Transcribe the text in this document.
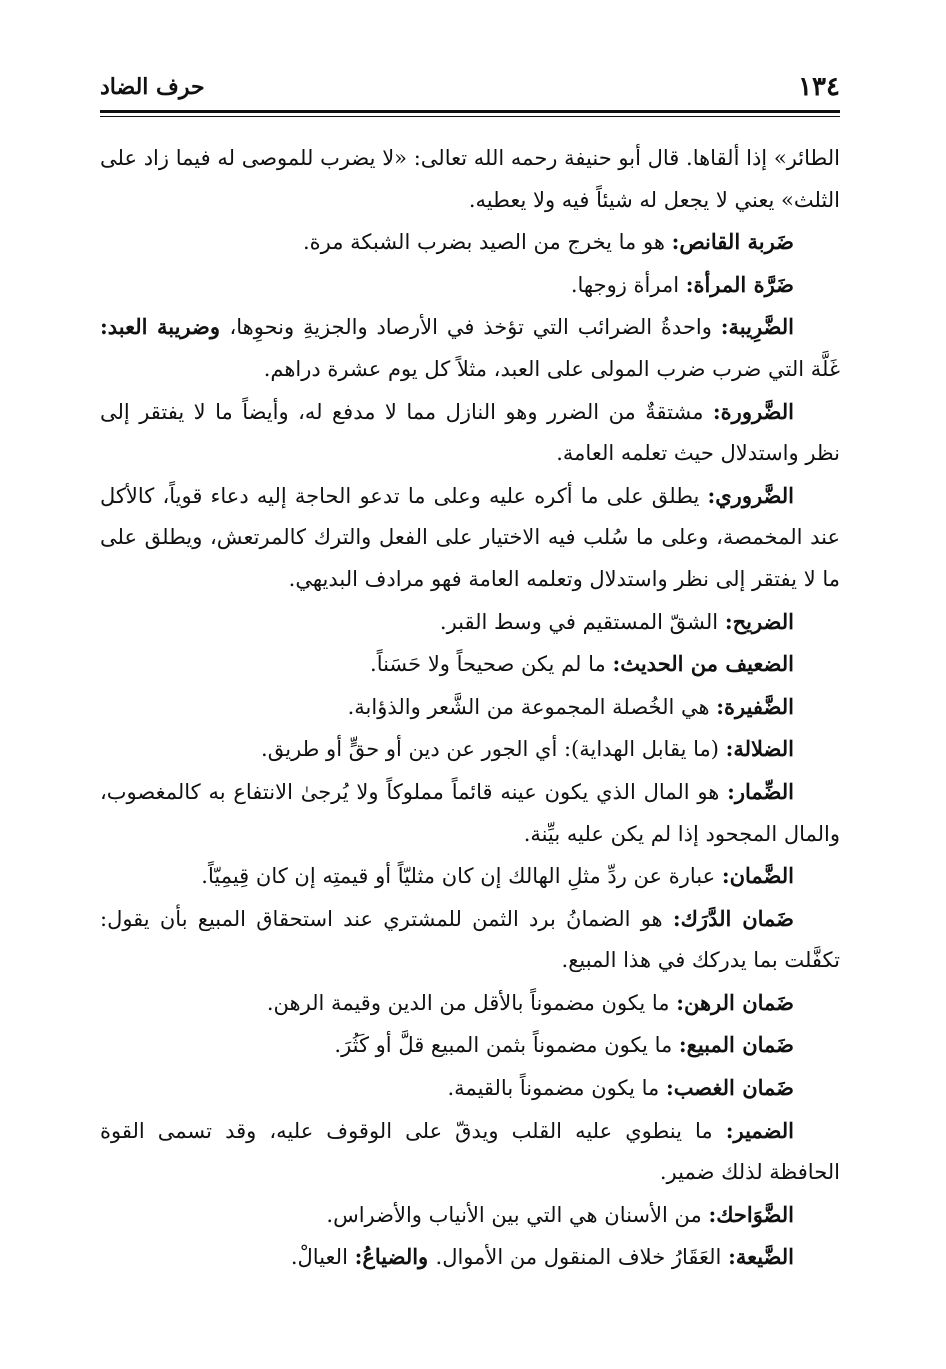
١٣٤
حرف الضاد

الطائر» إذا ألقاها. قال أبو حنيفة رحمه الله تعالى: «لا يضرب للموصى له فيما زاد على الثلث» يعني لا يجعل له شيئاً فيه ولا يعطيه.

ضَربة القانص: هو ما يخرج من الصيد بضرب الشبكة مرة.

ضَرَّة المرأة: امرأة زوجها.

الضَّرِيبة: واحدةُ الضرائب التي تؤخذ في الأرصاد والجزيةِ ونحوِها، وضريبة العبد: غَلَّة التي ضرب ضرب المولى على العبد، مثلاً كل يوم عشرة دراهم.

الضَّرورة: مشتقةٌ من الضرر وهو النازل مما لا مدفع له، وأيضاً ما لا يفتقر إلى نظر واستدلال حيث تعلمه العامة.

الضَّروري: يطلق على ما أكره عليه وعلى ما تدعو الحاجة إليه دعاء قوياً، كالأكل عند المخمصة، وعلى ما سُلب فيه الاختيار على الفعل والترك كالمرتعش، ويطلق على ما لا يفتقر إلى نظر واستدلال وتعلمه العامة فهو مرادف البديهي.

الضريح: الشقّ المستقيم في وسط القبر.

الضعيف من الحديث: ما لم يكن صحيحاً ولا حَسَناً.

الضَّفيرة: هي الخُصلة المجموعة من الشَّعر والذؤابة.

الضلالة: (ما يقابل الهداية): أي الجور عن دين أو حقٍّ أو طريق.

الضِّمار: هو المال الذي يكون عينه قائماً مملوكاً ولا يُرجىٰ الانتفاع به كالمغصوب، والمال المجحود إذا لم يكن عليه بيِّنة.

الضَّمان: عبارة عن ردِّ مثلِ الهالك إن كان مثليّاً أو قيمتِه إن كان قِيمِيّاً.

ضَمان الدَّرَك: هو الضمانُ برد الثمن للمشتري عند استحقاق المبيع بأن يقول: تكفَّلت بما يدركك في هذا المبيع.

ضَمان الرهن: ما يكون مضموناً بالأقل من الدين وقيمة الرهن.

ضَمان المبيع: ما يكون مضموناً بثمن المبيع قلَّ أو كَثُرَ.

ضَمان الغصب: ما يكون مضموناً بالقيمة.

الضمير: ما ينطوي عليه القلب ويدقّ على الوقوف عليه، وقد تسمى القوة الحافظة لذلك ضمير.

الضَّوَاحك: من الأسنان هي التي بين الأنياب والأضراس.

الضَّيعة: العَقَارُ خلاف المنقول من الأموال. والضياعُ: العيالْ.
